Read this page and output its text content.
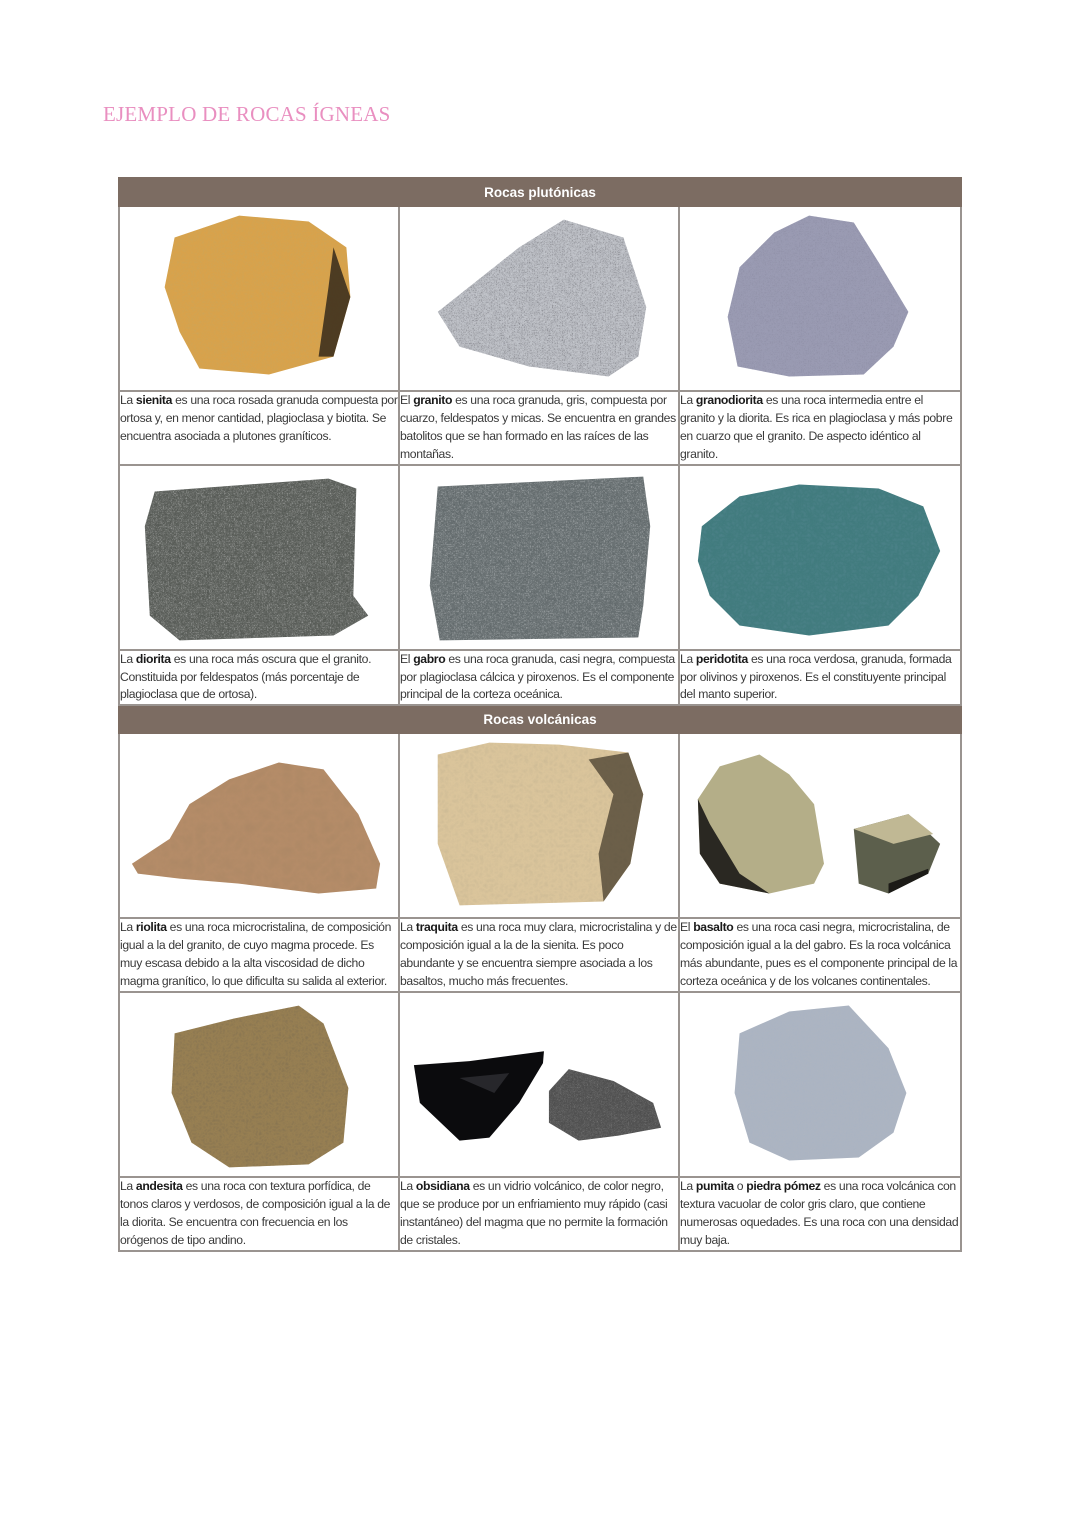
EJEMPLO DE ROCAS ÍGNEAS
Rocas plutónicas		

La sienita es una roca rosada granuda compuesta por ortosa y, en menor cantidad, plagioclasa y biotita. Se encuentra asociada a plutones graníticos.	El granito es una roca granuda, gris, compuesta por cuarzo, feldespatos y micas. Se encuentra en grandes batolitos que se han formado en las raíces de las montañas.	La granodiorita es una roca intermedia entre el granito y la diorita. Es rica en plagioclasa y más pobre en cuarzo que el granito. De aspecto idéntico al granito.

La diorita es una roca más oscura que el granito. Constituida por feldespatos (más porcentaje de plagioclasa que de ortosa).	El gabro es una roca granuda, casi negra, compuesta por plagioclasa cálcica y piroxenos. Es el componente principal de la corteza oceánica.	La peridotita es una roca verdosa, granuda, formada por olivinos y piroxenos. Es el constituyente principal del manto superior.
Rocas volcánicas		

La riolita es una roca microcristalina, de composición igual a la del granito, de cuyo magma procede. Es muy escasa debido a la alta viscosidad de dicho magma granítico, lo que dificulta su salida al exterior.	La traquita es una roca muy clara, microcristalina y de composición igual a la de la sienita. Es poco abundante y se encuentra siempre asociada a los basaltos, mucho más frecuentes.	El basalto es una roca casi negra, microcristalina, de composición igual a la del gabro. Es la roca volcánica más abundante, pues es el componente principal de la corteza oceánica y de los volcanes continentales.

La andesita es una roca con textura porfídica, de tonos claros y verdosos, de composición igual a la de la diorita. Se encuentra con frecuencia en los orógenos de tipo andino.	La obsidiana es un vidrio volcánico, de color negro, que se produce por un enfriamiento muy rápido (casi instantáneo) del magma que no permite la formación de cristales.	La pumita o piedra pómez es una roca volcánica con textura vacuolar de color gris claro, que contiene numerosas oquedades. Es una roca con una densidad muy baja.
